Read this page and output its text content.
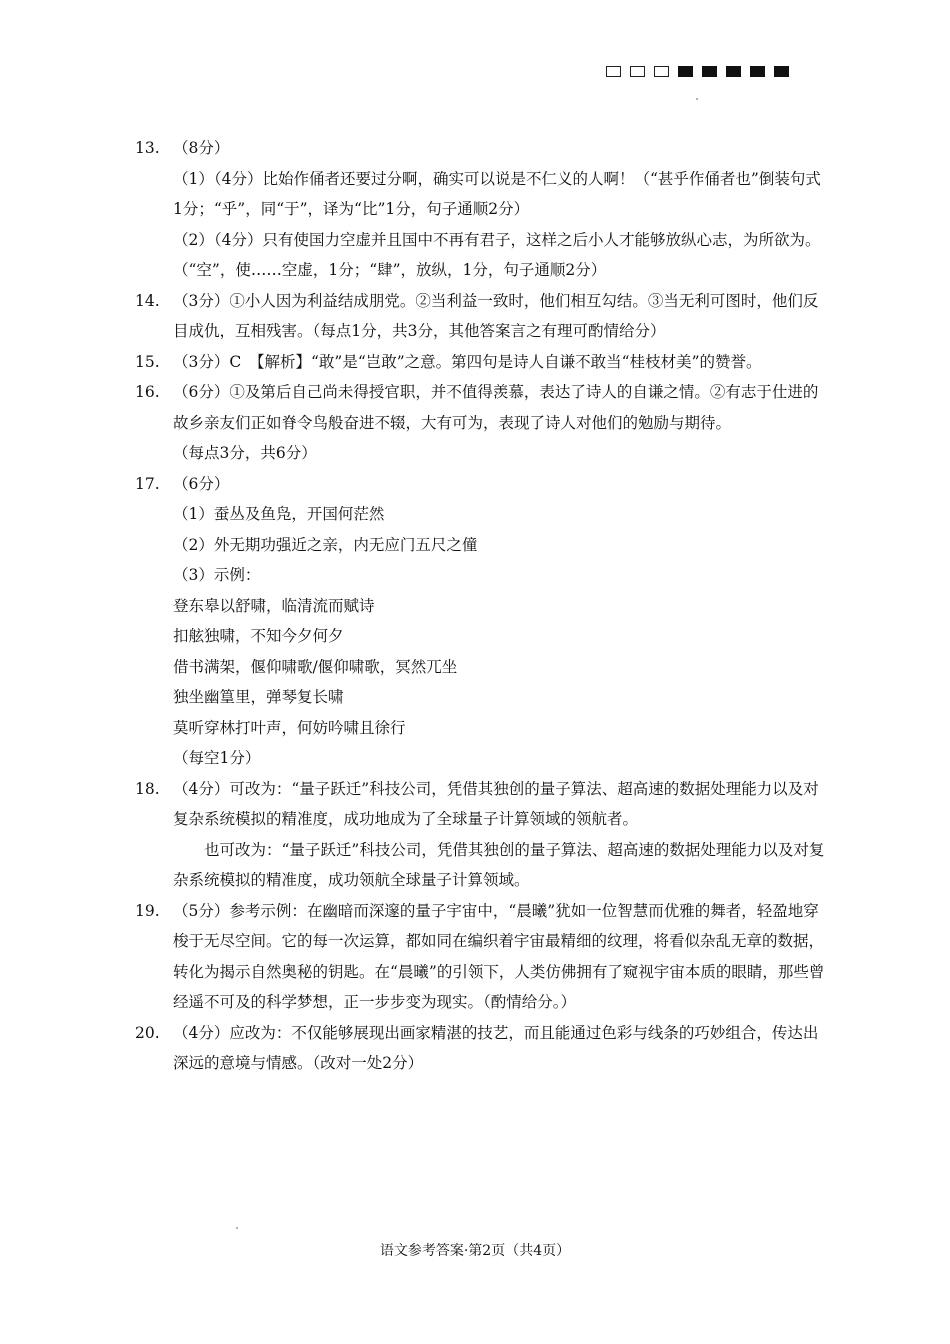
13. （8分）
（1）（4分）比始作俑者还要过分啊，确实可以说是不仁义的人啊！（“甚乎作俑者也”倒装句式1分；“乎”，同“于”，译为“比”1分，句子通顺2分）
（2）（4分）只有使国力空虚并且国中不再有君子，这样之后小人才能够放纵心志，为所欲为。（“空”，使……空虚，1分；“肆”，放纵，1分，句子通顺2分）
14. （3分）①小人因为利益结成朋党。②当利益一致时，他们相互勾结。③当无利可图时，他们反目成仇，互相残害。（每点1分，共3分，其他答案言之有理可酌情给分）
15. （3分）C　【解析】“敢”是“岂敢”之意。第四句是诗人自谦不敢当“桂枝材美”的赞誉。
16. （6分）①及第后自己尚未得授官职，并不值得羡慕，表达了诗人的自谦之情。②有志于仕进的故乡亲友们正如脊令鸟般奋进不辍，大有可为，表现了诗人对他们的勉励与期待。
（每点3分，共6分）
17. （6分）
（1）蚕丛及鱼凫，开国何茫然
（2）外无期功强近之亲，内无应门五尺之僮
（3）示例：
登东皋以舒啸，临清流而赋诗
扣舷独啸，不知今夕何夕
借书满架，偃仰啸歌/偃仰啸歌，冥然兀坐
独坐幽篁里，弹琴复长啸
莫听穿林打叶声，何妨吟啸且徐行
（每空1分）
18. （4分）可改为：“量子跃迁”科技公司，凭借其独创的量子算法、超高速的数据处理能力以及对复杂系统模拟的精准度，成功地成为了全球量子计算领域的领航者。
也可改为：“量子跃迁”科技公司，凭借其独创的量子算法、超高速的数据处理能力以及对复杂系统模拟的精准度，成功领航全球量子计算领域。
19. （5分）参考示例：在幽暗而深邃的量子宇宙中，“晨曦”犹如一位智慧而优雅的舞者，轻盈地穿梭于无尽空间。它的每一次运算，都如同在编织着宇宙最精细的纹理，将看似杂乱无章的数据，转化为揭示自然奥秘的钥匙。在“晨曦”的引领下，人类仿佛拥有了窥视宇宙本质的眼睛，那些曾经遥不可及的科学梦想，正一步步变为现实。（酌情给分。）
20. （4分）应改为：不仅能够展现出画家精湛的技艺，而且能通过色彩与线条的巧妙组合，传达出深远的意境与情感。（改对一处2分）
语文参考答案·第2页（共4页）
